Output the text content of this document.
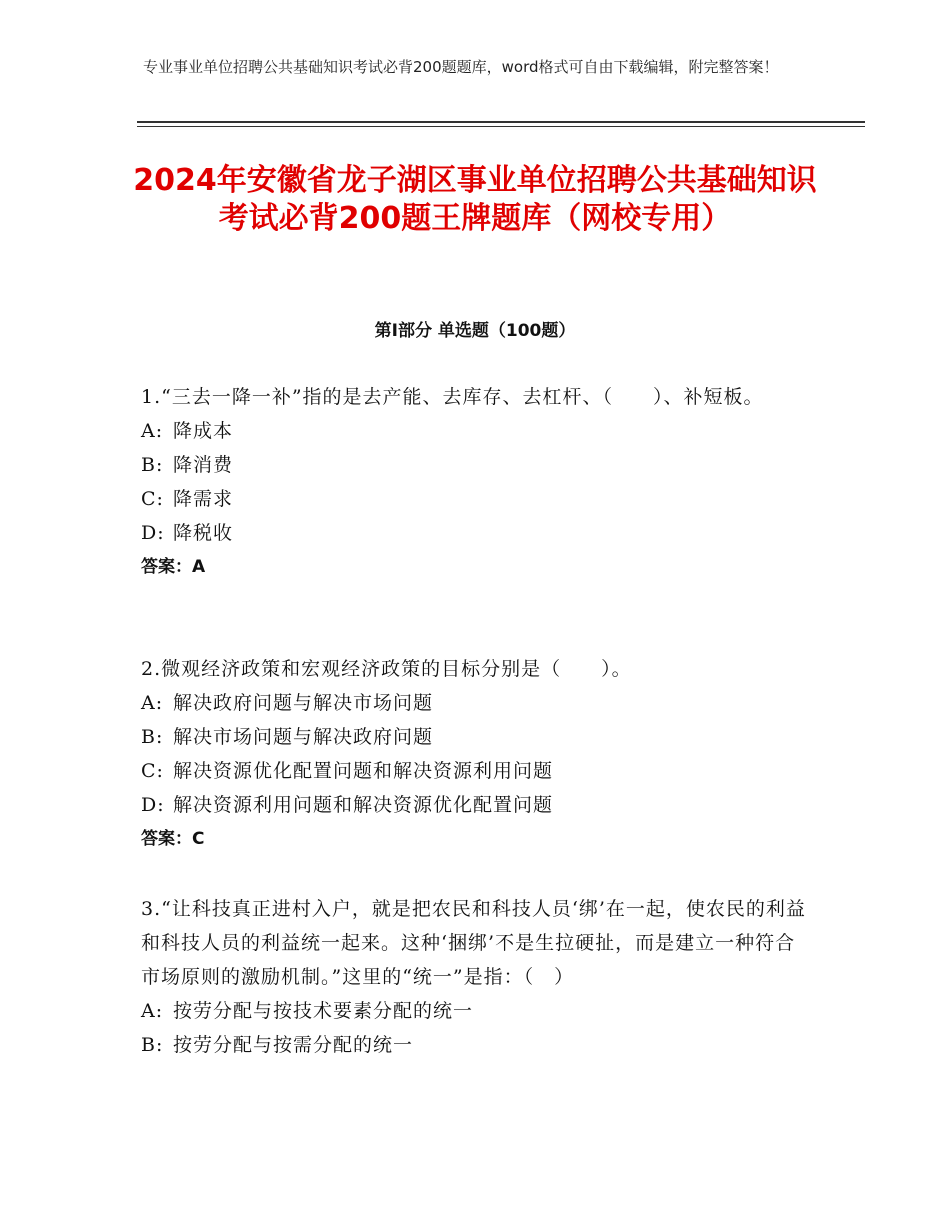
专业事业单位招聘公共基础知识考试必背200题题库，word格式可自由下载编辑，附完整答案！
2024年安徽省龙子湖区事业单位招聘公共基础知识考试必背200题王牌题库（网校专用）
第I部分 单选题（100题）
1.“三去一降一补”指的是去产能、去库存、去杠杆、（　　）、补短板。
A: 降成本
B: 降消费
C: 降需求
D: 降税收
答案：A
2.微观经济政策和宏观经济政策的目标分别是（　　）。
A: 解决政府问题与解决市场问题
B: 解决市场问题与解决政府问题
C: 解决资源优化配置问题和解决资源利用问题
D: 解决资源利用问题和解决资源优化配置问题
答案：C
3.“让科技真正进村入户，就是把农民和科技人员‘绑’在一起，使农民的利益和科技人员的利益统一起来。这种‘捆绑’不是生拉硬扯，而是建立一种符合市场原则的激励机制。”这里的“统一”是指：（　）
A: 按劳分配与按技术要素分配的统一
B: 按劳分配与按需分配的统一
